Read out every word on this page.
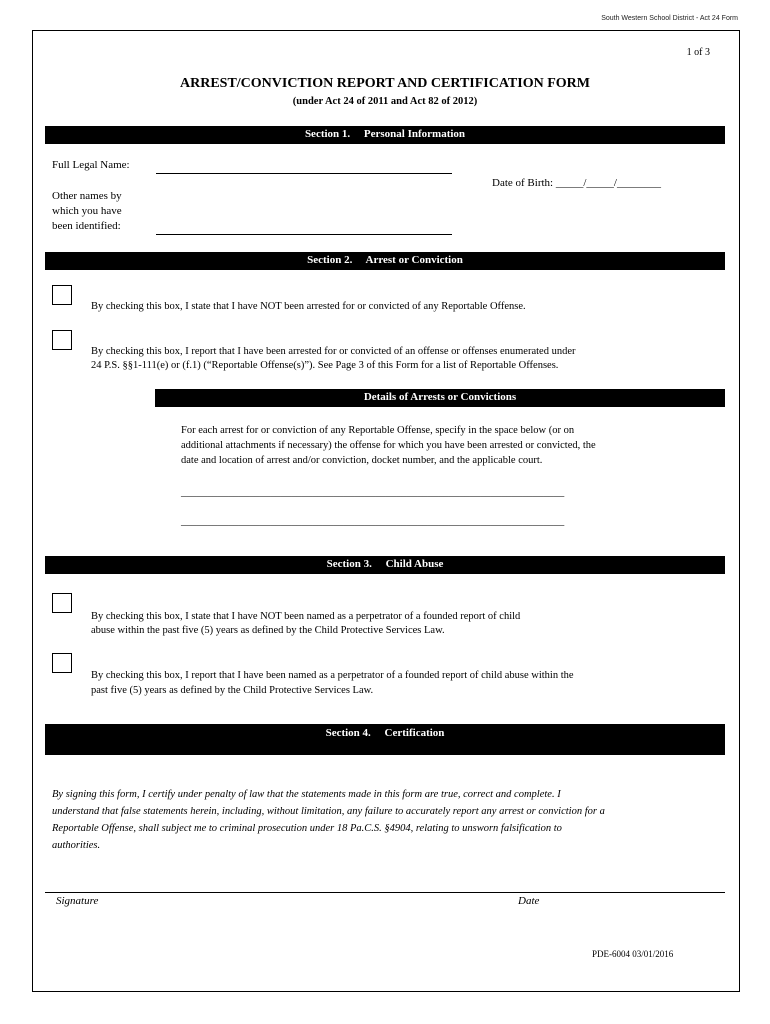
South Western School District - Act 24 Form
1 of 3
ARREST/CONVICTION REPORT AND CERTIFICATION FORM
(under Act 24 of 2011 and Act 82 of 2012)
Section 1.     Personal Information
Full Legal Name:
Date of Birth: _____/_____/________
Other names by
which you have
been identified:
Section 2.     Arrest or Conviction
By checking this box, I state that I have NOT been arrested for or convicted of any Reportable Offense.
By checking this box, I report that I have been arrested for or convicted of an offense or offenses enumerated under
24 P.S. §§1-111(e) or (f.1) (“Reportable Offense(s)”). See Page 3 of this Form for a list of Reportable Offenses.
Details of Arrests or Convictions
For each arrest for or conviction of any Reportable Offense, specify in the space below (or on
additional attachments if necessary) the offense for which you have been arrested or convicted, the
date and location of arrest and/or conviction, docket number, and the applicable court.
_________________________________________________________________________
_________________________________________________________________________
Section 3.     Child Abuse
By checking this box, I state that I have NOT been named as a perpetrator of a founded report of child
abuse within the past five (5) years as defined by the Child Protective Services Law.
By checking this box, I report that I have been named as a perpetrator of a founded report of child abuse within the
past five (5) years as defined by the Child Protective Services Law.
Section 4.     Certification
By signing this form, I certify under penalty of law that the statements made in this form are true, correct and complete. I
understand that false statements herein, including, without limitation, any failure to accurately report any arrest or conviction for a
Reportable Offense, shall subject me to criminal prosecution under 18 Pa.C.S. §4904, relating to unsworn falsification to
authorities.
Signature	Date
PDE-6004 03/01/2016
